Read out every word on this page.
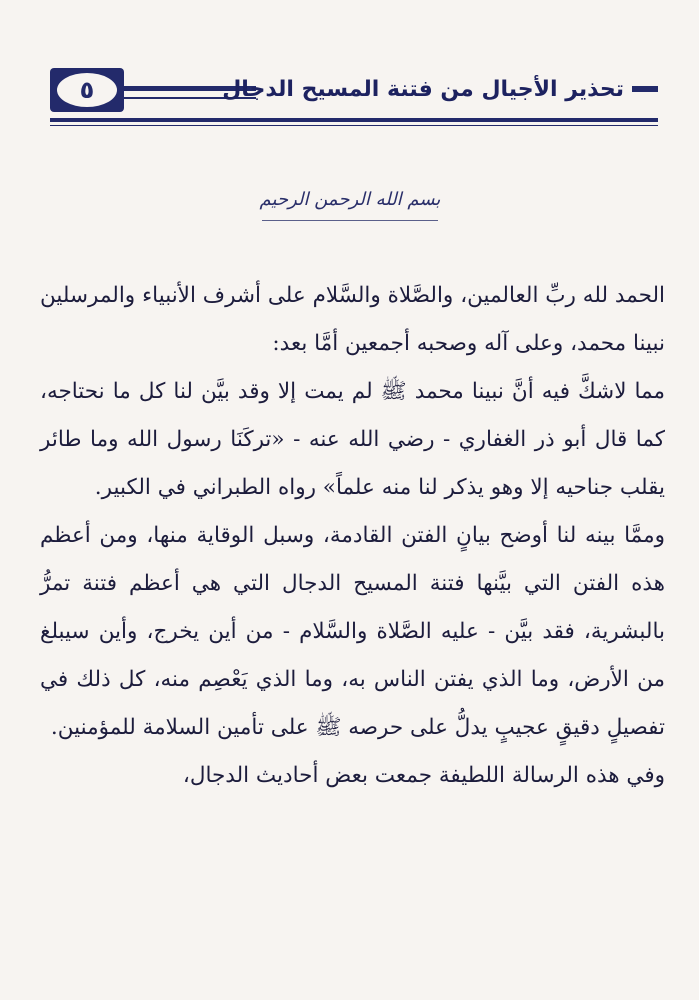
٥	تحذير الأجيال من فتنة المسيح الدجال
بسم الله الرحمن الرحيم

الحمد لله ربِّ العالمين، والصَّلاة والسَّلام على أشرف الأنبياء والمرسلين نبينا محمد، وعلى آله وصحبه أجمعين أمَّا بعد:

مما لاشكَّ فيه أنَّ نبينا محمد ﷺ لم يمت إلا وقد بيَّن لنا كل ما نحتاجه، كما قال أبو ذر الغفاري - رضي الله عنه - «تركَنَا رسول الله وما طائر يقلب جناحيه إلا وهو يذكر لنا منه علماً» رواه الطبراني في الكبير.

وممَّا بينه لنا أوضح بيانٍ الفتن القادمة، وسبل الوقاية منها، ومن أعظم هذه الفتن التي بيَّنها فتنة المسيح الدجال التي هي أعظم فتنة تمرُّ بالبشرية، فقد بيَّن - عليه الصَّلاة والسَّلام - من أين يخرج، وأين سيبلغ من الأرض، وما الذي يفتن الناس به، وما الذي يَعْصِم منه، كل ذلك في تفصيلٍ دقيقٍ عجيبٍ يدلُّ على حرصه ﷺ على تأمين السلامة للمؤمنين.

وفي هذه الرسالة اللطيفة جمعت بعض أحاديث الدجال،
